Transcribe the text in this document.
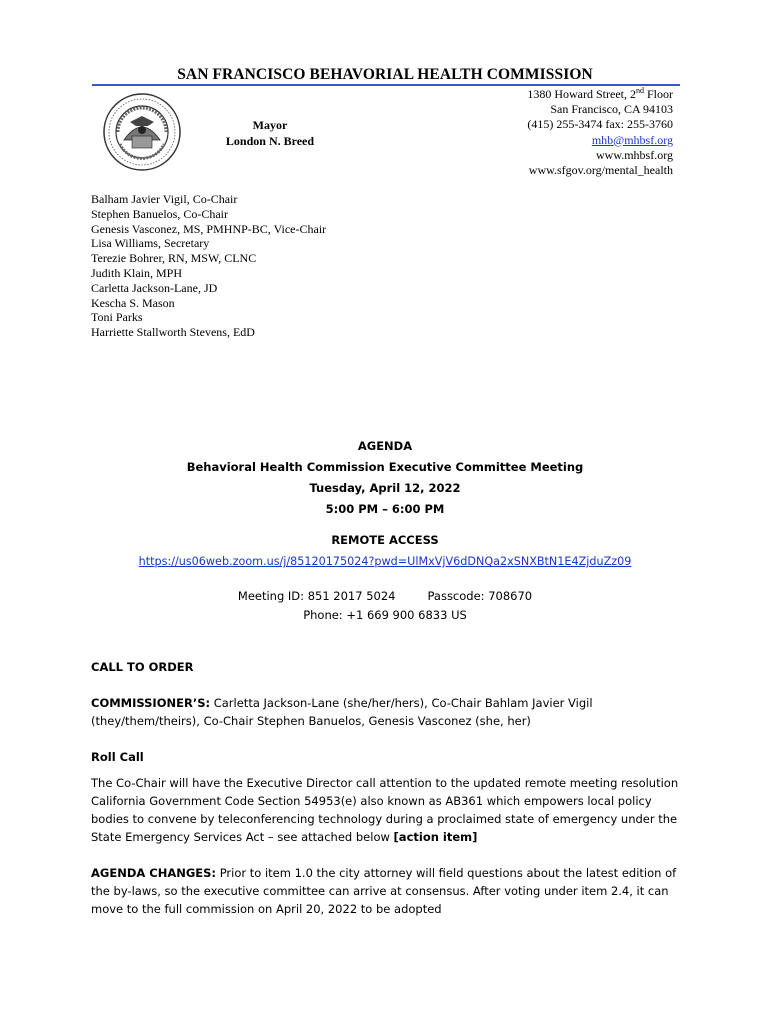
SAN FRANCISCO BEHAVORIAL HEALTH COMMISSION
Mayor
London N. Breed
1380 Howard Street, 2nd Floor
San Francisco, CA 94103
(415) 255-3474 fax: 255-3760
mhb@mhbsf.org
www.mhbsf.org
www.sfgov.org/mental_health
Balham Javier Vigil, Co-Chair
Stephen Banuelos, Co-Chair
Genesis Vasconez, MS, PMHNP-BC, Vice-Chair
Lisa Williams, Secretary
Terezie Bohrer, RN, MSW, CLNC
Judith Klain, MPH
Carletta Jackson-Lane, JD
Kescha S. Mason
Toni Parks
Harriette Stallworth Stevens, EdD
AGENDA
Behavioral Health Commission Executive Committee Meeting
Tuesday, April 12, 2022
5:00 PM – 6:00 PM
REMOTE ACCESS
https://us06web.zoom.us/j/85120175024?pwd=UlMxVjV6dDNQa2xSNXBtN1E4ZjduZz09
Meeting ID: 851 2017 5024	Passcode: 708670
Phone: +1 669 900 6833 US

CALL TO ORDER

COMMISSIONER’S: Carletta Jackson-Lane (she/her/hers), Co-Chair Bahlam Javier Vigil (they/them/theirs), Co-Chair Stephen Banuelos, Genesis Vasconez (she, her)

Roll Call

The Co-Chair will have the Executive Director call attention to the updated remote meeting resolution California Government Code Section 54953(e) also known as AB361 which empowers local policy bodies to convene by teleconferencing technology during a proclaimed state of emergency under the State Emergency Services Act – see attached below [action item]

AGENDA CHANGES: Prior to item 1.0 the city attorney will field questions about the latest edition of the by-laws, so the executive committee can arrive at consensus. After voting under item 2.4, it can move to the full commission on April 20, 2022 to be adopted
